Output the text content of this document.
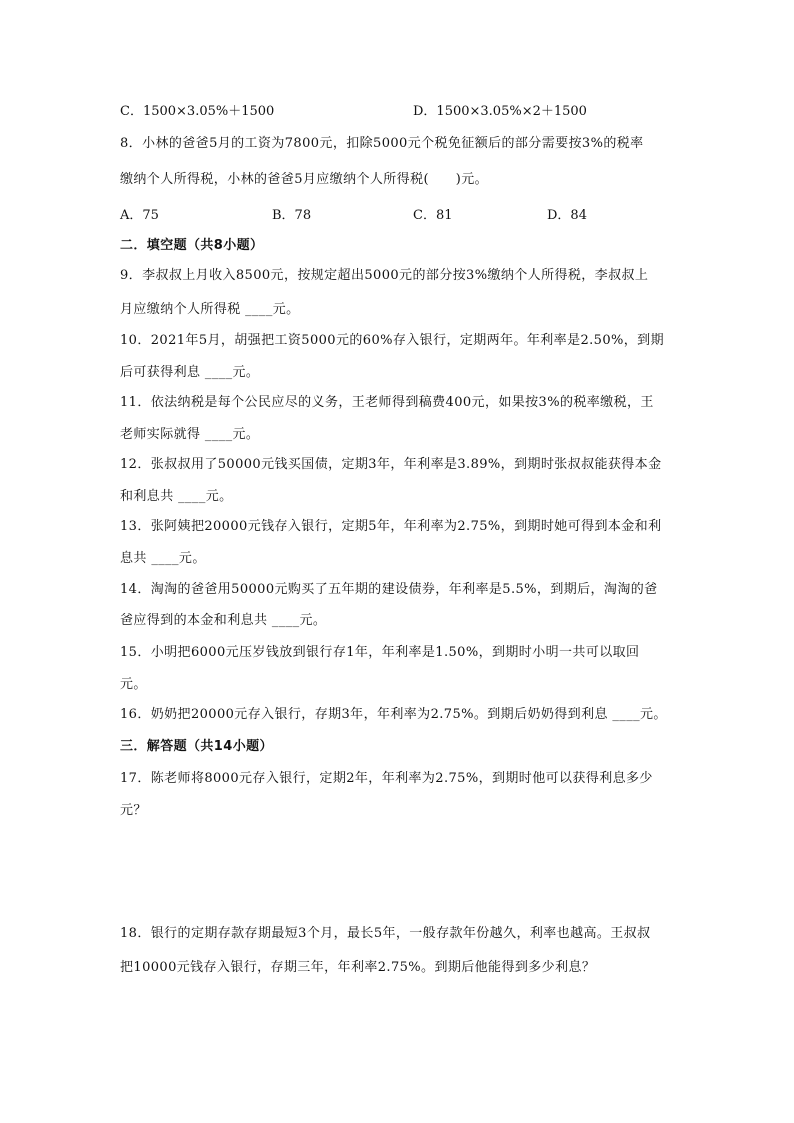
C．1500×3.05%＋1500	D．1500×3.05%×2＋1500
8．小林的爸爸5月的工资为7800元，扣除5000元个税免征额后的部分需要按3%的税率
缴纳个人所得税，小林的爸爸5月应缴纳个人所得税(　　)元。
A．75	B．78	C．81	D．84
二．填空题（共8小题）
9．李叔叔上月收入8500元，按规定超出5000元的部分按3%缴纳个人所得税，李叔叔上
月应缴纳个人所得税 ____元。
10．2021年5月，胡强把工资5000元的60%存入银行，定期两年。年利率是2.50%，到期
后可获得利息 ____元。
11．依法纳税是每个公民应尽的义务，王老师得到稿费400元，如果按3%的税率缴税，王
老师实际就得 ____元。
12．张叔叔用了50000元钱买国债，定期3年，年利率是3.89%，到期时张叔叔能获得本金
和利息共 ____元。
13．张阿姨把20000元钱存入银行，定期5年，年利率为2.75%，到期时她可得到本金和利
息共 ____元。
14．淘淘的爸爸用50000元购买了五年期的建设债券，年利率是5.5%，到期后，淘淘的爸
爸应得到的本金和利息共 ____元。
15．小明把6000元压岁钱放到银行存1年，年利率是1.50%，到期时小明一共可以取回
元。
16．奶奶把20000元存入银行，存期3年，年利率为2.75%。到期后奶奶得到利息 ____元。
三．解答题（共14小题）
17．陈老师将8000元存入银行，定期2年，年利率为2.75%，到期时他可以获得利息多少
元？
18．银行的定期存款存期最短3个月，最长5年，一般存款年份越久，利率也越高。王叔叔
把10000元钱存入银行，存期三年，年利率2.75%。到期后他能得到多少利息？
